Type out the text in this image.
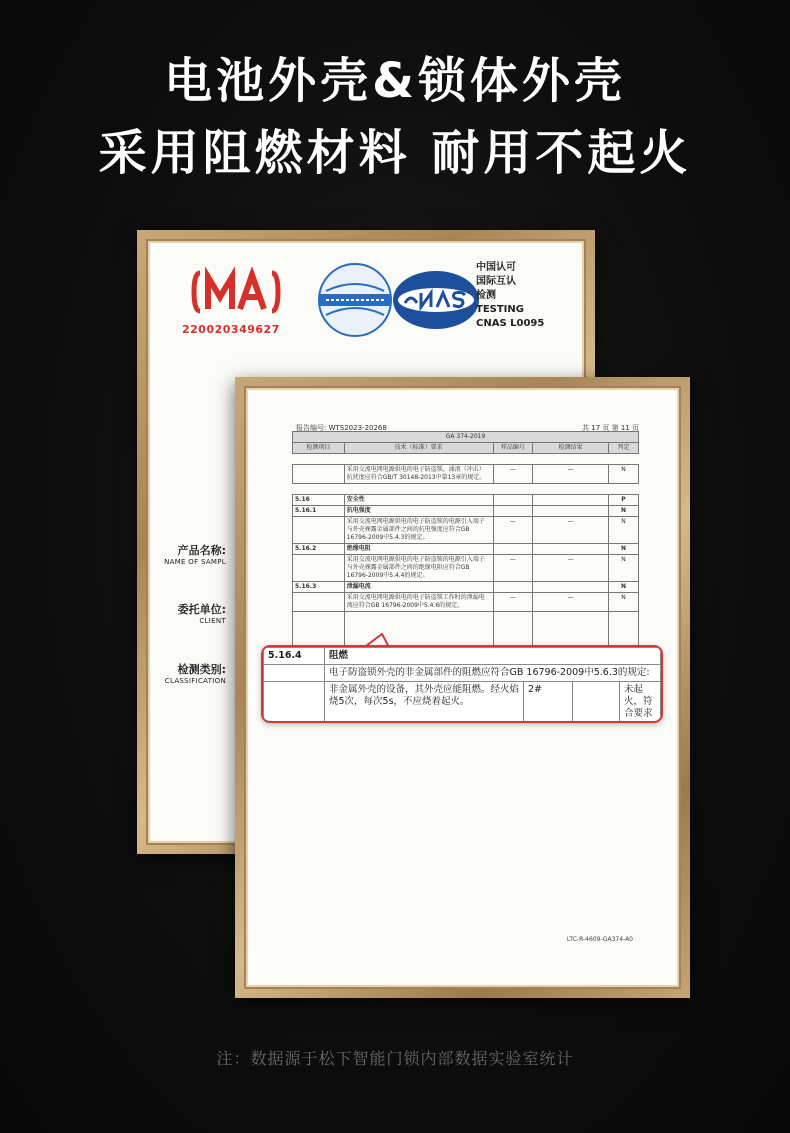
电池外壳&锁体外壳
采用阻燃材料 耐用不起火
220020349627
中国认可
国际互认
检测
TESTING
CNAS L0095
产品名称:
NAME OF SAMPL
委托单位:
CLIENT
检测类别:
CLASSIFICATION
报告编号: WTS2023-20268	共 17 页 第 11 页
GA 374-2019				
检测项目	技术（标准）要求	样品编号	检测结果	判定

	采用交流电网电源供电的电子防盗锁，涌浪（冲击）抗扰度应符合GB/T 30148-2013中第13章的规定。	—	—	N

5.16	安全性			P
5.16.1	抗电强度			N
	采用交流电网电源供电的电子防盗锁的电源引入端子与外壳裸露金属部件之间的抗电强度应符合GB 16796-2009中5.4.3的规定。	—	—	N
5.16.2	绝缘电阻			N
	采用交流电网电源供电的电子防盗锁的电源引入端子与外壳裸露金属部件之间的绝缘电阻应符合GB 16796-2009中5.4.4的规定。	—	—	N
5.16.3	泄漏电流			N
	采用交流电网电源供电的电子防盗锁工作时的泄漏电流应符合GB 16796-2009中5.4.6的规定。	—	—	N

LTC-R-4609-GA374-A0
5.16.4	阻燃			
	电子防盗锁外壳的非金属部件的阻燃应符合GB 16796-2009中5.6.3的规定:			
	非金属外壳的设备，其外壳应能阻燃。经火焰烧5次，每次5s，不应烧着起火。	2#		未起火，符合要求
注：数据源于松下智能门锁内部数据实验室统计
